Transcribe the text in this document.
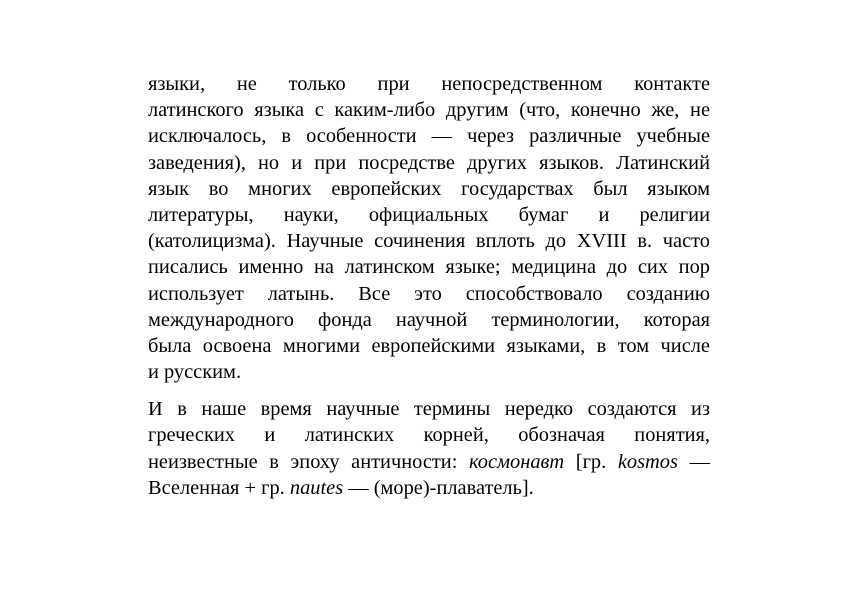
языки, не только при непосредственном контакте
латинского языка с каким-либо другим (что, конечно же, не
исключалось, в особенности — через различные учебные
заведения), но и при посредстве других языков. Латинский
язык во многих европейских государствах был языком
литературы, науки, официальных бумаг и религии
(католицизма). Научные сочинения вплоть до XVIII в. часто
писались именно на латинском языке; медицина до сих пор
использует латынь. Все это способствовало созданию
международного фонда научной терминологии, которая
была освоена многими европейскими языками, в том числе
и русским.
И в наше время научные термины нередко создаются из
греческих и латинских корней, обозначая понятия,
неизвестные в эпоху античности: космонавт [гр. kosmos —
Вселенная + гр. nautes — (море)-плаватель].
